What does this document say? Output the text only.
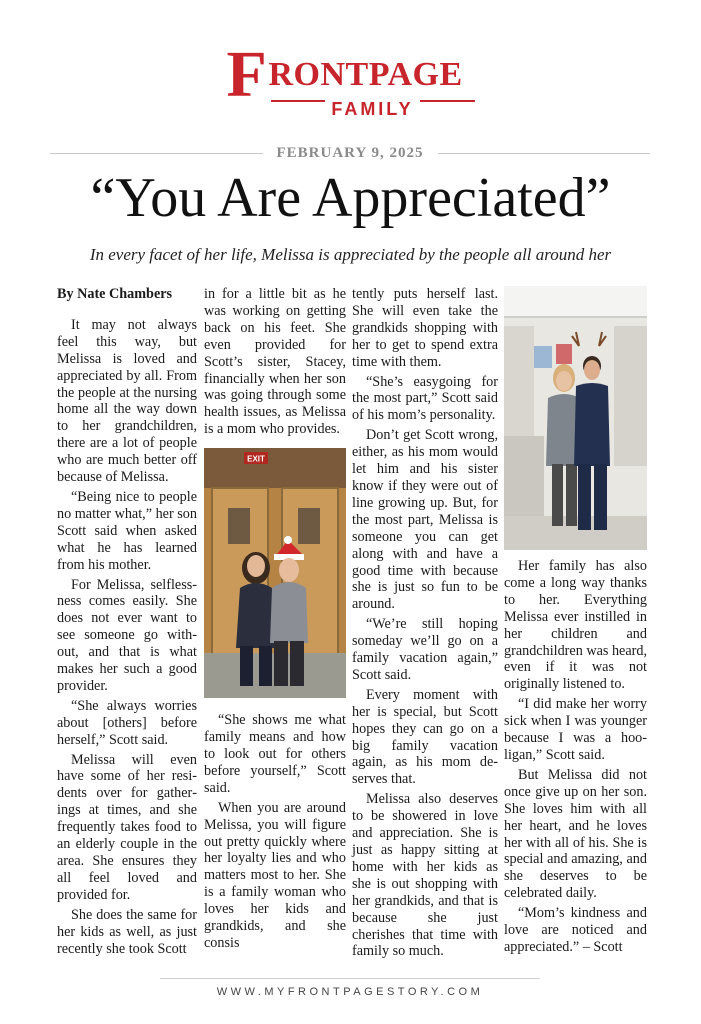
F RONTPAGE
FAMILY
FEBRUARY 9, 2025
“You Are Appreciated”
In every facet of her life, Melissa is appreciated by the people all around her
By Nate Chambers

It may not always feel this way, but Melissa is loved and appreciated by all. From the people at the nursing home all the way down to her grandchildren, there are a lot of people who are much better off because of Melissa.

“Being nice to people no matter what,” her son Scott said when asked what he has learned from his mother.

For Melissa, selflessness comes easily. She does not ever want to see someone go without, and that is what makes her such a good provider.

“She always worries about [others] before herself,” Scott said.

Melissa will even have some of her residents over for gatherings at times, and she frequently takes food to an elderly couple in the area. She ensures they all feel loved and provided for.

She does the same for her kids as well, as just recently she took Scott

in for a little bit as he was working on getting back on his feet. She even provided for Scott’s sister, Stacey, financially when her son was going through some health issues, as Melissa is a mom who provides.

EXIT

“She shows me what family means and how to look out for others before yourself,” Scott said.

When you are around Melissa, you will figure out pretty quickly where her loyalty lies and who matters most to her. She is a family woman who loves her kids and grandkids, and she consis

tently puts herself last. She will even take the grandkids shopping with her to get to spend extra time with them.

“She’s easygoing for the most part,” Scott said of his mom’s personality.

Don’t get Scott wrong, either, as his mom would let him and his sister know if they were out of line growing up. But, for the most part, Melissa is someone you can get along with and have a good time with because she is just so fun to be around.

“We’re still hoping someday we’ll go on a family vacation again,” Scott said.

Every moment with her is special, but Scott hopes they can go on a big family vacation again, as his mom deserves that.

Melissa also deserves to be showered in love and appreciation. She is just as happy sitting at home with her kids as she is out shopping with her grandkids, and that is because she just cherishes that time with family so much.

Her family has also come a long way thanks to her. Everything Melissa ever instilled in her children and grandchildren was heard, even if it was not originally listened to.

“I did make her worry sick when I was younger because I was a hooligan,” Scott said.

But Melissa did not once give up on her son. She loves him with all her heart, and he loves her with all of his. She is special and amazing, and she deserves to be celebrated daily.

“Mom’s kindness and love are noticed and appreciated.” – Scott

WWW.MYFRONTPAGESTORY.COM
